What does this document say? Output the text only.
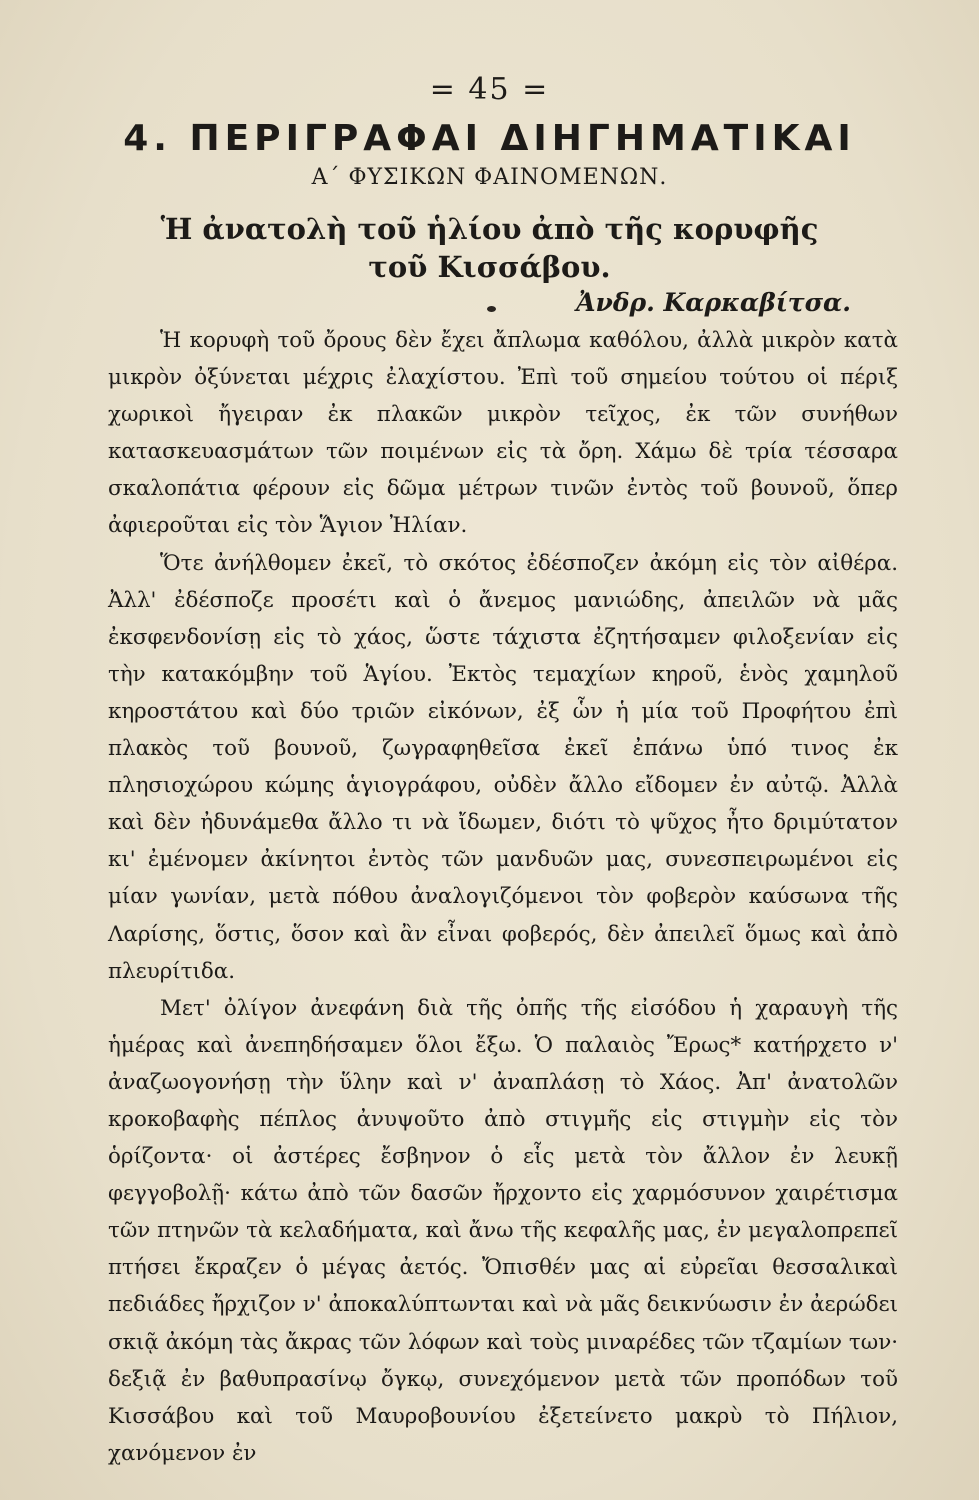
= 45 =
4. ΠΕΡΙΓΡΑΦΑΙ ΔΙΗΓΗΜΑΤΙΚΑΙ
Α΄ ΦΥΣΙΚΩΝ ΦΑΙΝΟΜΕΝΩΝ.
Ἡ ἀνατολὴ τοῦ ἡλίου ἀπὸ τῆς κορυφῆς
τοῦ Κισσάβου.
Ἀνδρ. Καρκαβίτσα.

Ἡ κορυφὴ τοῦ ὄρους δὲν ἔχει ἄπλωμα καθόλου, ἀλλὰ μικρὸν κατὰ μικρὸν ὀξύνεται μέχρις ἐλαχίστου. Ἐπὶ τοῦ σημείου τούτου οἱ πέριξ χωρικοὶ ἤγειραν ἐκ πλακῶν μικρὸν τεῖχος, ἐκ τῶν συνήθων κατασκευασμάτων τῶν ποιμένων εἰς τὰ ὄρη. Χάμω δὲ τρία τέσσαρα σκαλοπάτια φέρουν εἰς δῶμα μέτρων τινῶν ἐντὸς τοῦ βουνοῦ, ὅπερ ἀφιεροῦται εἰς τὸν Ἅγιον Ἠλίαν.

Ὅτε ἀνήλθομεν ἐκεῖ, τὸ σκότος ἐδέσποζεν ἀκόμη εἰς τὸν αἰθέρα. Ἀλλ' ἐδέσποζε προσέτι καὶ ὁ ἄνεμος μανιώδης, ἀπειλῶν νὰ μᾶς ἐκσφενδονίσῃ εἰς τὸ χάος, ὥστε τάχιστα ἐζητήσαμεν φιλοξενίαν εἰς τὴν κατακόμβην τοῦ Ἁγίου. Ἐκτὸς τεμαχίων κηροῦ, ἑνὸς χαμηλοῦ κηροστάτου καὶ δύο τριῶν εἰκόνων, ἐξ ὧν ἡ μία τοῦ Προφήτου ἐπὶ πλακὸς τοῦ βουνοῦ, ζωγραφηθεῖσα ἐκεῖ ἐπάνω ὑπό τινος ἐκ πλησιοχώρου κώμης ἁγιογράφου, οὐδὲν ἄλλο εἴδομεν ἐν αὐτῷ. Ἀλλὰ καὶ δὲν ἠδυνάμεθα ἄλλο τι νὰ ἴδωμεν, διότι τὸ ψῦχος ἦτο δριμύτατον κι' ἐμένομεν ἀκίνητοι ἐντὸς τῶν μανδυῶν μας, συνεσπειρωμένοι εἰς μίαν γωνίαν, μετὰ πόθου ἀναλογιζόμενοι τὸν φοβερὸν καύσωνα τῆς Λαρίσης, ὅστις, ὅσον καὶ ἂν εἶναι φοβερός, δὲν ἀπειλεῖ ὅμως καὶ ἀπὸ πλευρίτιδα.

Μετ' ὀλίγον ἀνεφάνη διὰ τῆς ὀπῆς τῆς εἰσόδου ἡ χαραυγὴ τῆς ἡμέρας καὶ ἀνεπηδήσαμεν ὅλοι ἔξω. Ὁ παλαιὸς Ἔρως* κατήρχετο ν' ἀναζωογονήσῃ τὴν ὕλην καὶ ν' ἀναπλάσῃ τὸ Χάος. Ἀπ' ἀνατολῶν κροκοβαφὴς πέπλος ἀνυψοῦτο ἀπὸ στιγμῆς εἰς στιγμὴν εἰς τὸν ὁρίζοντα· οἱ ἀστέρες ἔσβηνον ὁ εἷς μετὰ τὸν ἄλλον ἐν λευκῇ φεγγοβολῇ· κάτω ἀπὸ τῶν δασῶν ἤρχοντο εἰς χαρμόσυνον χαιρέτισμα τῶν πτηνῶν τὰ κελαδήματα, καὶ ἄνω τῆς κεφαλῆς μας, ἐν μεγαλοπρεπεῖ πτήσει ἔκραζεν ὁ μέγας ἀετός. Ὄπισθέν μας αἱ εὐρεῖαι θεσσαλικαὶ πεδιάδες ἤρχιζον ν' ἀποκαλύπτωνται καὶ νὰ μᾶς δεικνύωσιν ἐν ἀερώδει σκιᾷ ἀκόμη τὰς ἄκρας τῶν λόφων καὶ τοὺς μιναρέδες τῶν τζαμίων των· δεξιᾷ ἐν βαθυπρασίνῳ ὄγκῳ, συνεχόμενον μετὰ τῶν προπόδων τοῦ Κισσάβου καὶ τοῦ Μαυροβουνίου ἐξετείνετο μακρὺ τὸ Πήλιον, χανόμενον ἐν
